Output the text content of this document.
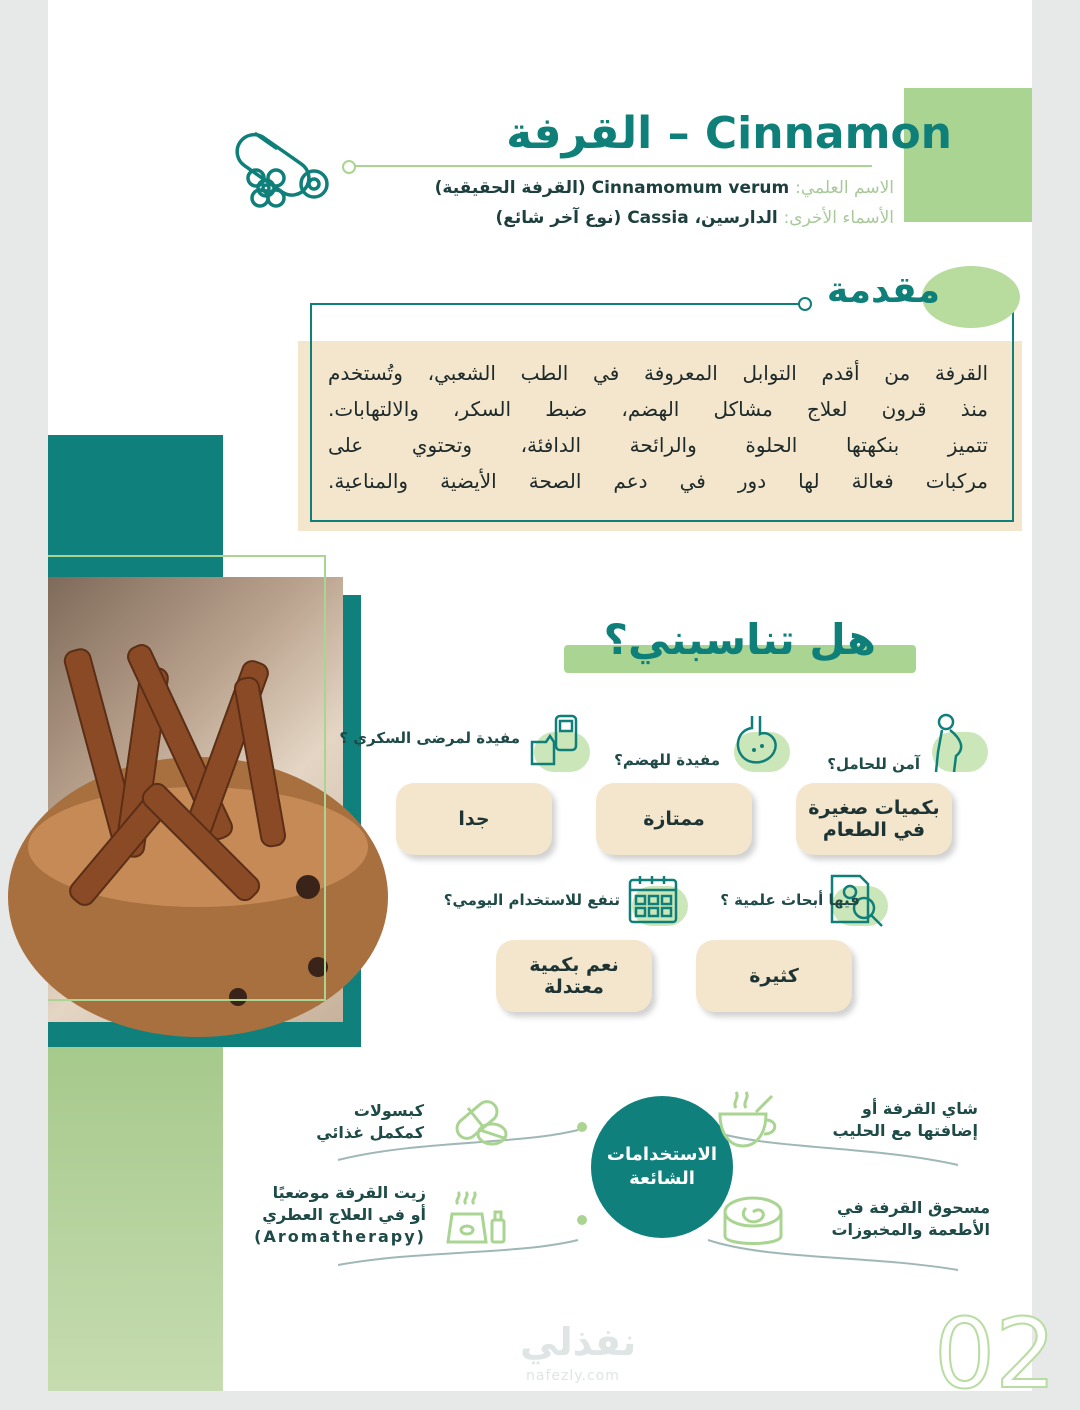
القرفة – Cinnamon
الاسم العلمي: Cinnamomum verum (القرفة الحقيقية)
الأسماء الأخرى: الدارسين، Cassia (نوع آخر شائع)
مقدمة
القرفة من أقدم التوابل المعروفة في الطب الشعبي، وتُستخدم
منذ قرون لعلاج مشاكل الهضم، ضبط السكر، والالتهابات.
تتميز بنكهتها الحلوة والرائحة الدافئة، وتحتوي على
مركبات فعالة لها دور في دعم الصحة الأيضية والمناعية.
هل تناسبني؟
آمن للحامل؟
بكميات صغيرة في الطعام
مفيدة للهضم؟
ممتازة
مفيدة لمرضى السكري ؟
جدا
فيها أبحاث علمية ؟
كثيرة
تنفع للاستخدام اليومي؟
نعم بكمية معتدلة
الاستخدامات الشائعة
شاي القرفة أو
إضافتها مع الحليب
كبسولات
كمكمل غذائي
مسحوق القرفة في
الأطعمة والمخبوزات
زيت القرفة موضعيًا
أو في العلاج العطري
(Aromatherapy)
نفذلي
nafezly.com	02
